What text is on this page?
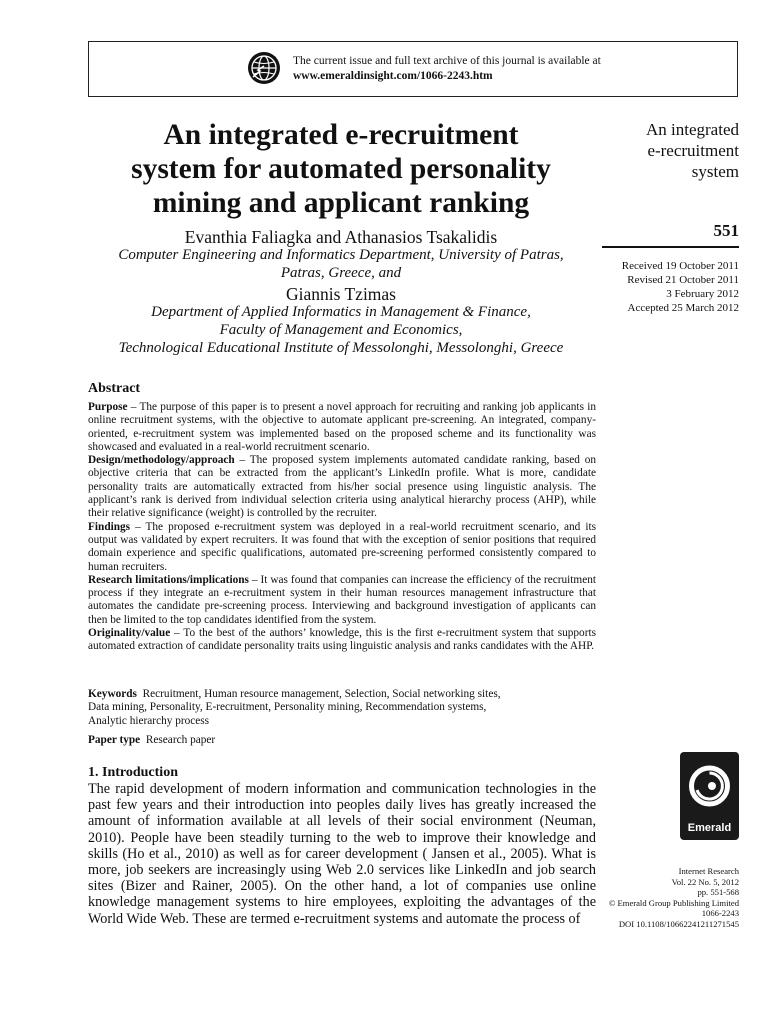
The current issue and full text archive of this journal is available at
www.emeraldinsight.com/1066-2243.htm
An integrated e-recruitment
system for automated personality
mining and applicant ranking
Evanthia Faliagka and Athanasios Tsakalidis
Computer Engineering and Informatics Department, University of Patras,
Patras, Greece, and
Giannis Tzimas
Department of Applied Informatics in Management & Finance,
Faculty of Management and Economics,
Technological Educational Institute of Messolonghi, Messolonghi, Greece
An integrated
e-recruitment
system
551
Received 19 October 2011
Revised 21 October 2011
3 February 2012
Accepted 25 March 2012
Abstract

Purpose – The purpose of this paper is to present a novel approach for recruiting and ranking job applicants in online recruitment systems, with the objective to automate applicant pre-screening. An integrated, company-oriented, e-recruitment system was implemented based on the proposed scheme and its functionality was showcased and evaluated in a real-world recruitment scenario.

Design/methodology/approach – The proposed system implements automated candidate ranking, based on objective criteria that can be extracted from the applicant’s LinkedIn profile. What is more, candidate personality traits are automatically extracted from his/her social presence using linguistic analysis. The applicant’s rank is derived from individual selection criteria using analytical hierarchy process (AHP), while their relative significance (weight) is controlled by the recruiter.

Findings – The proposed e-recruitment system was deployed in a real-world recruitment scenario, and its output was validated by expert recruiters. It was found that with the exception of senior positions that required domain experience and specific qualifications, automated pre-screening performed consistently compared to human recruiters.

Research limitations/implications – It was found that companies can increase the efficiency of the recruitment process if they integrate an e-recruitment system in their human resources management infrastructure that automates the candidate pre-screening process. Interviewing and background investigation of applicants can then be limited to the top candidates identified from the system.

Originality/value – To the best of the authors’ knowledge, this is the first e-recruitment system that supports automated extraction of candidate personality traits using linguistic analysis and ranks candidates with the AHP.

Keywords Recruitment, Human resource management, Selection, Social networking sites,
Data mining, Personality, E-recruitment, Personality mining, Recommendation systems,
Analytic hierarchy process
Paper type Research paper
1. Introduction

The rapid development of modern information and communication technologies in the past few years and their introduction into peoples daily lives has greatly increased the amount of information available at all levels of their social environment (Neuman, 2010). People have been steadily turning to the web to improve their knowledge and skills (Ho et al., 2010) as well as for career development ( Jansen et al., 2005). What is more, job seekers are increasingly using Web 2.0 services like LinkedIn and job search sites (Bizer and Rainer, 2005). On the other hand, a lot of companies use online knowledge management systems to hire employees, exploiting the advantages of the World Wide Web. These are termed e-recruitment systems and automate the process of

Emerald
Internet Research
Vol. 22 No. 5, 2012
pp. 551-568
© Emerald Group Publishing Limited
1066-2243
DOI 10.1108/10662241211271545
